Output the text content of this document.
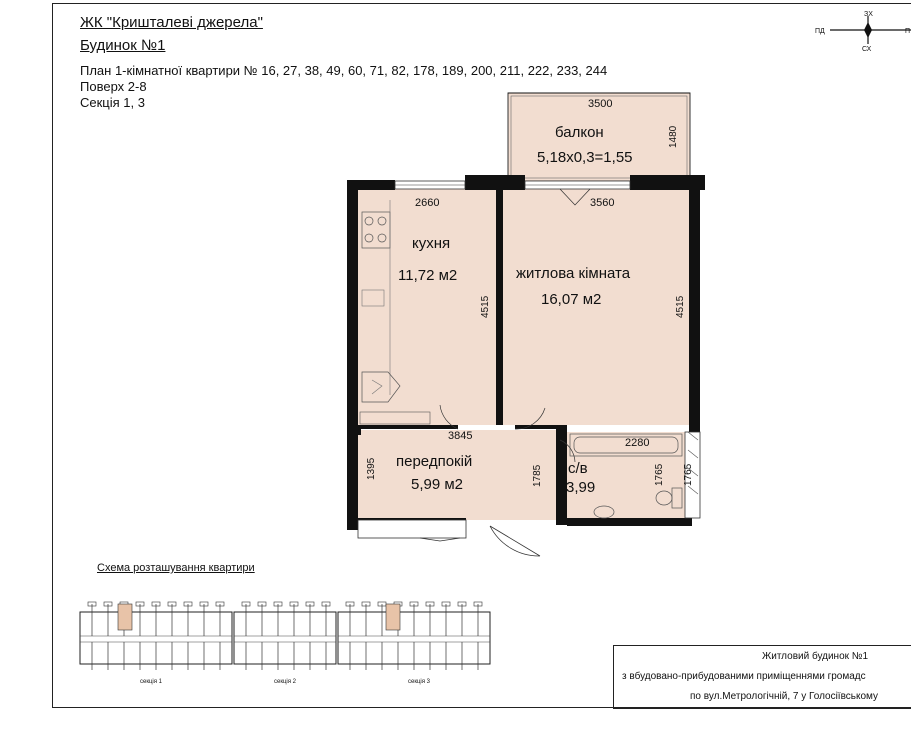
ЖК "Кришталеві джерела"
Будинок №1
План 1-кімнатної квартири № 16, 27, 38, 49, 60, 71, 82, 178, 189, 200, 211, 222, 233, 244
Поверх 2-8
Секція 1, 3
ЗХ
СХ
ПД	П
3500
1480
балкон
5,18х0,3=1,55
2660
4515
3560
4515
3845
1395	1785
2280
1765
1765
кухня
11,72 м2	житлова кімната
16,07 м2
передпокій
5,99 м2
с/в
3,99
секція 1	секція 2	секція 3
Схема розташування квартири
Житловий будинок №1
з вбудовано-прибудованими приміщеннями громадс
по вул.Метрологічній, 7 у Голосіївському
